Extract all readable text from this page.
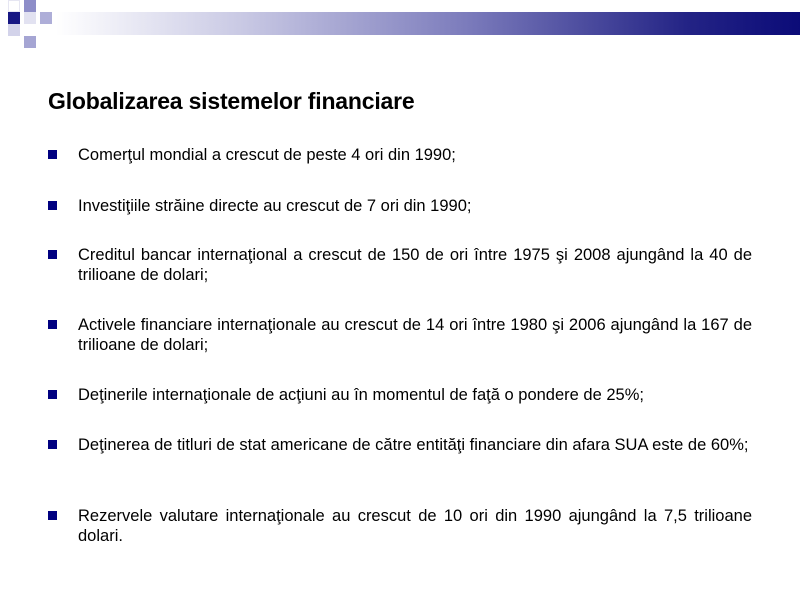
Globalizarea sistemelor financiare
Comerţul mondial a crescut de peste 4 ori din 1990;
Investiţiile străine directe au crescut de 7 ori din 1990;
Creditul bancar internaţional a crescut de 150 de ori între 1975 şi 2008 ajungând la 40 de trilioane de dolari;
Activele financiare internaţionale au crescut de 14 ori între 1980 şi 2006 ajungând la 167 de trilioane de dolari;
Deţinerile internaţionale de acţiuni au în momentul de faţă o pondere de 25%;
Deţinerea de titluri de stat americane de către entităţi financiare din afara SUA este de 60%;
Rezervele valutare internaţionale au crescut de 10 ori din 1990 ajungând la 7,5 trilioane dolari.
